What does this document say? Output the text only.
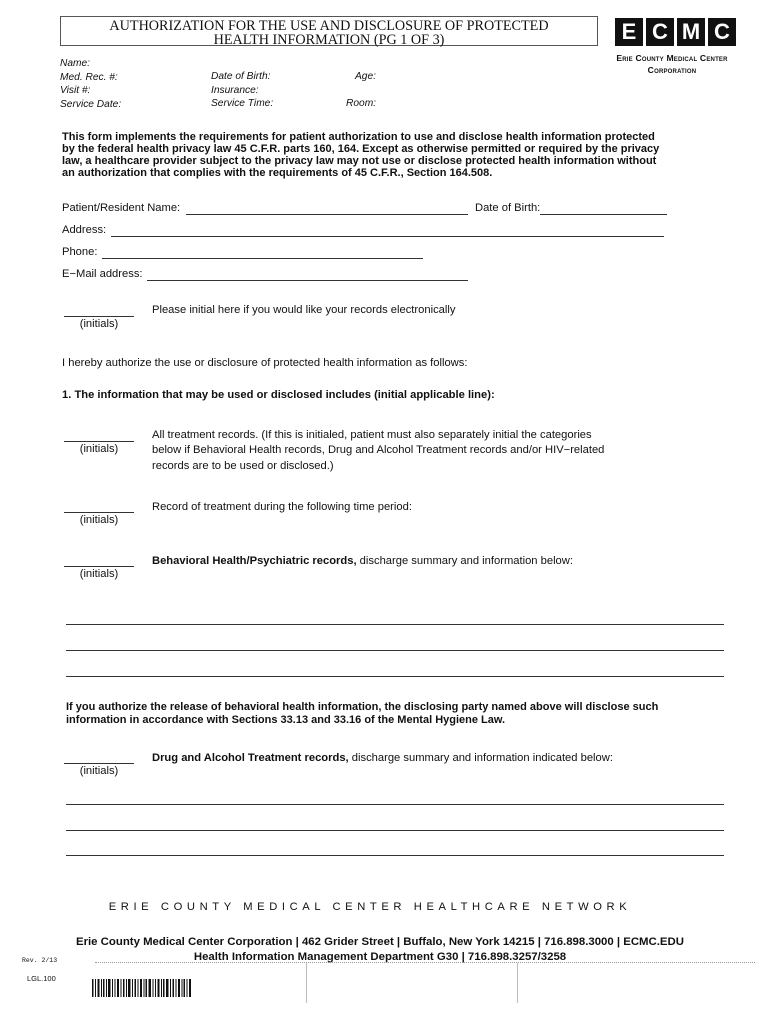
AUTHORIZATION FOR THE USE AND DISCLOSURE OF PROTECTED
HEALTH INFORMATION (PG 1 OF 3)	E C M C
Erie County Medical Center
Corporation
Name:
Med. Rec. #:
Visit #:
Service Date:
Date of Birth:
Insurance:
Service Time:
Age:
Room:
This form implements the requirements for patient authorization to use and disclose health information protected by the federal health privacy law 45 C.F.R. parts 160, 164. Except as otherwise permitted or required by the privacy law, a healthcare provider subject to the privacy law may not use or disclose protected health information without an authorization that complies with the requirements of 45 C.F.R., Section 164.508.
Patient/Resident Name:	Date of Birth:
Address:
Phone:
E−Mail address:
(initials)
Please initial here if you would like your records electronically
I hereby authorize the use or disclosure of protected health information as follows:
1. The information that may be used or disclosed includes (initial applicable line):
(initials)
All treatment records. (If this is initialed, patient must also separately initial the categories
below if Behavioral Health records, Drug and Alcohol Treatment records and/or HIV−related
records are to be used or disclosed.)
(initials)
Record of treatment during the following time period:
(initials)
Behavioral Health/Psychiatric records, discharge summary and information below:
If you authorize the release of behavioral health information, the disclosing party named above will disclose such information in accordance with Sections 33.13 and 33.16 of the Mental Hygiene Law.
(initials)
Drug and Alcohol Treatment records, discharge summary and information indicated below:
ERIE COUNTY MEDICAL CENTER HEALTHCARE NETWORK
Erie County Medical Center Corporation | 462 Grider Street | Buffalo, New York 14215 | 716.898.3000 | ECMC.EDU
Health Information Management Department G30 | 716.898.3257/3258
Rev. 2/13
LGL.100
